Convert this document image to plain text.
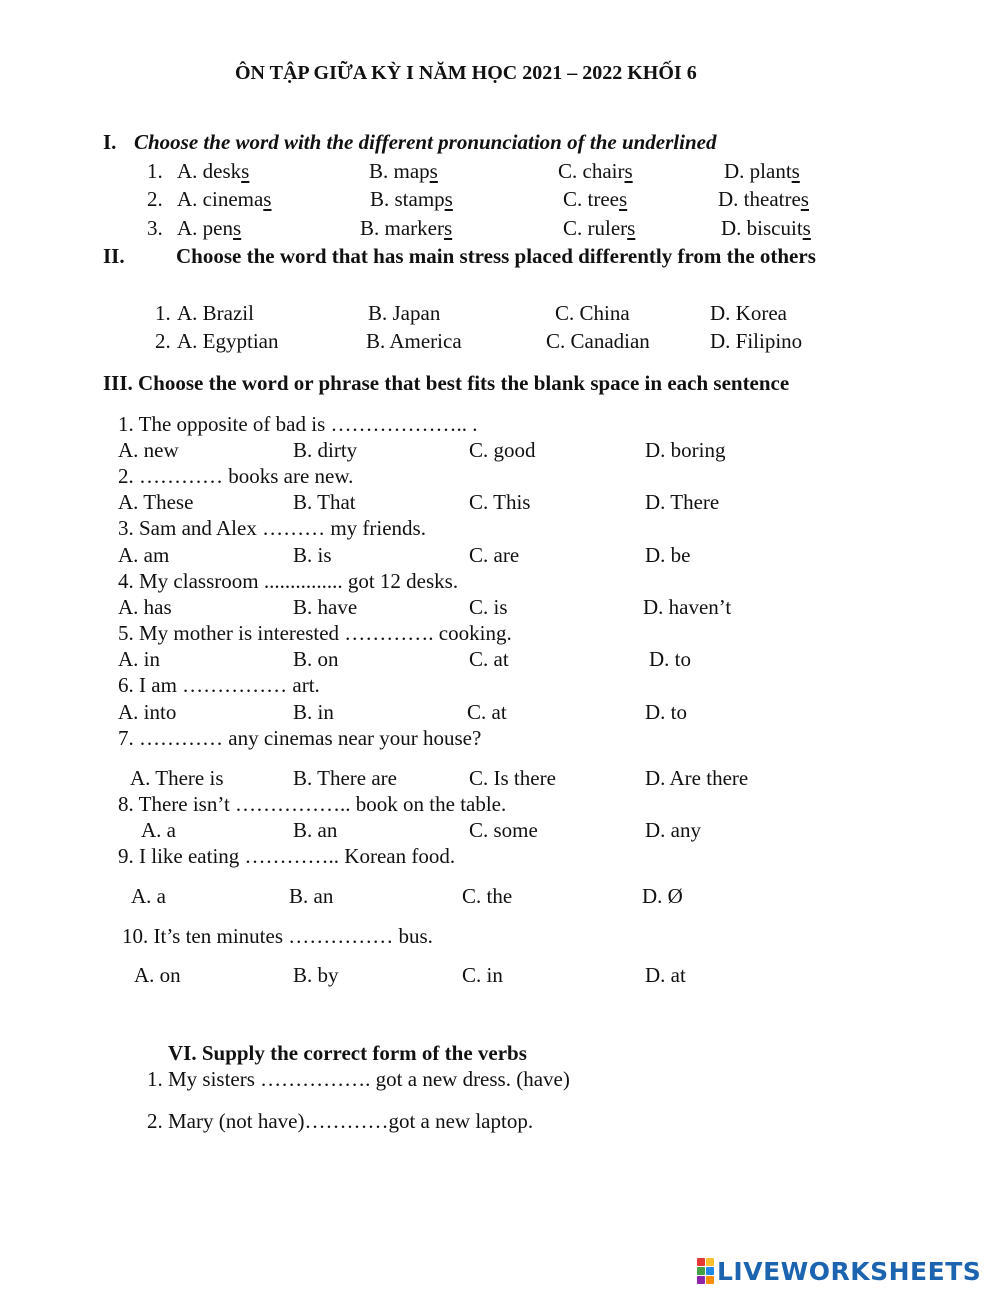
ÔN TẬP GIỮA KỲ I NĂM HỌC 2021 – 2022 KHỐI 6
I. Choose the word with the different pronunciation of the underlined
1. A. desks	B. maps	C. chairs	D. plants
2. A. cinemas	B. stamps	C. trees	D. theatres
3. A. pens	B. markers	C. rulers	D. biscuits
II. Choose the word that has main stress placed differently from the others
1. A. Brazil	B. Japan	C. China	D. Korea
2. A. Egyptian	B. America	C. Canadian	D. Filipino
III. Choose the word or phrase that best fits the blank space in each sentence
1. The opposite of bad is ……………….. .
A. new	B. dirty	C. good	D. boring
2. ………… books are new.
A. These	B. That	C. This	D. There
3. Sam and Alex ……… my friends.
A. am	B. is	C. are	D. be
4. My classroom ............... got 12 desks.
A. has	B. have	C. is	D. haven’t
5. My mother is interested …………. cooking.
A. in	B. on	C. at	D. to
6. I am …………… art.
A. into	B. in	C. at	D. to
7. ………… any cinemas near your house?
A. There is	B. There are	C. Is there	D. Are there
8. There isn’t …………….. book on the table.
A. a	B. an	C. some	D. any
9. I like eating ………….. Korean food.
A. a	B. an	C. the	D. Ø
10. It’s ten minutes …………… bus.
A. on	B. by	C. in	D. at
VI. Supply the correct form of the verbs
1. My sisters ……………. got a new dress. (have)
2. Mary (not have)…………got a new laptop.
LIVEWORKSHEETS
